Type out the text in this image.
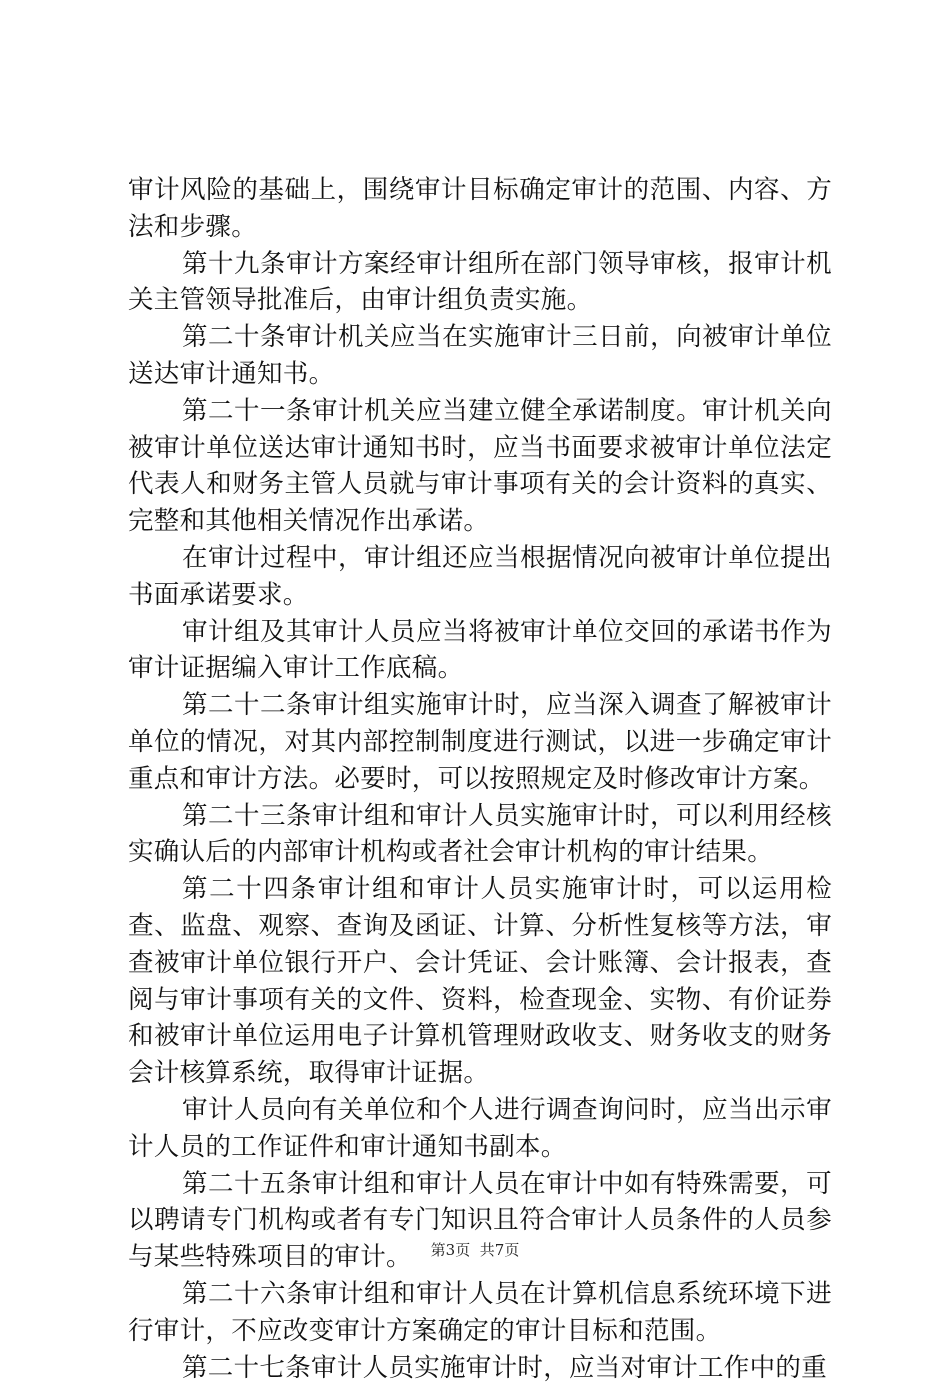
审计风险的基础上，围绕审计目标确定审计的范围、内容、方法和步骤。

第十九条审计方案经审计组所在部门领导审核，报审计机关主管领导批准后，由审计组负责实施。

第二十条审计机关应当在实施审计三日前，向被审计单位送达审计通知书。

第二十一条审计机关应当建立健全承诺制度。审计机关向被审计单位送达审计通知书时，应当书面要求被审计单位法定代表人和财务主管人员就与审计事项有关的会计资料的真实、完整和其他相关情况作出承诺。

在审计过程中，审计组还应当根据情况向被审计单位提出书面承诺要求。

审计组及其审计人员应当将被审计单位交回的承诺书作为审计证据编入审计工作底稿。

第二十二条审计组实施审计时，应当深入调查了解被审计单位的情况，对其内部控制制度进行测试，以进一步确定审计重点和审计方法。必要时，可以按照规定及时修改审计方案。

第二十三条审计组和审计人员实施审计时，可以利用经核实确认后的内部审计机构或者社会审计机构的审计结果。

第二十四条审计组和审计人员实施审计时，可以运用检查、监盘、观察、查询及函证、计算、分析性复核等方法，审查被审计单位银行开户、会计凭证、会计账簿、会计报表，查阅与审计事项有关的文件、资料，检查现金、实物、有价证券和被审计单位运用电子计算机管理财政收支、财务收支的财务会计核算系统，取得审计证据。

审计人员向有关单位和个人进行调查询问时，应当出示审计人员的工作证件和审计通知书副本。

第二十五条审计组和审计人员在审计中如有特殊需要，可以聘请专门机构或者有专门知识且符合审计人员条件的人员参与某些特殊项目的审计。

第二十六条审计组和审计人员在计算机信息系统环境下进行审计，不应改变审计方案确定的审计目标和范围。

第二十七条审计人员实施审计时，应当对审计工作中的重

第3页 共7页
